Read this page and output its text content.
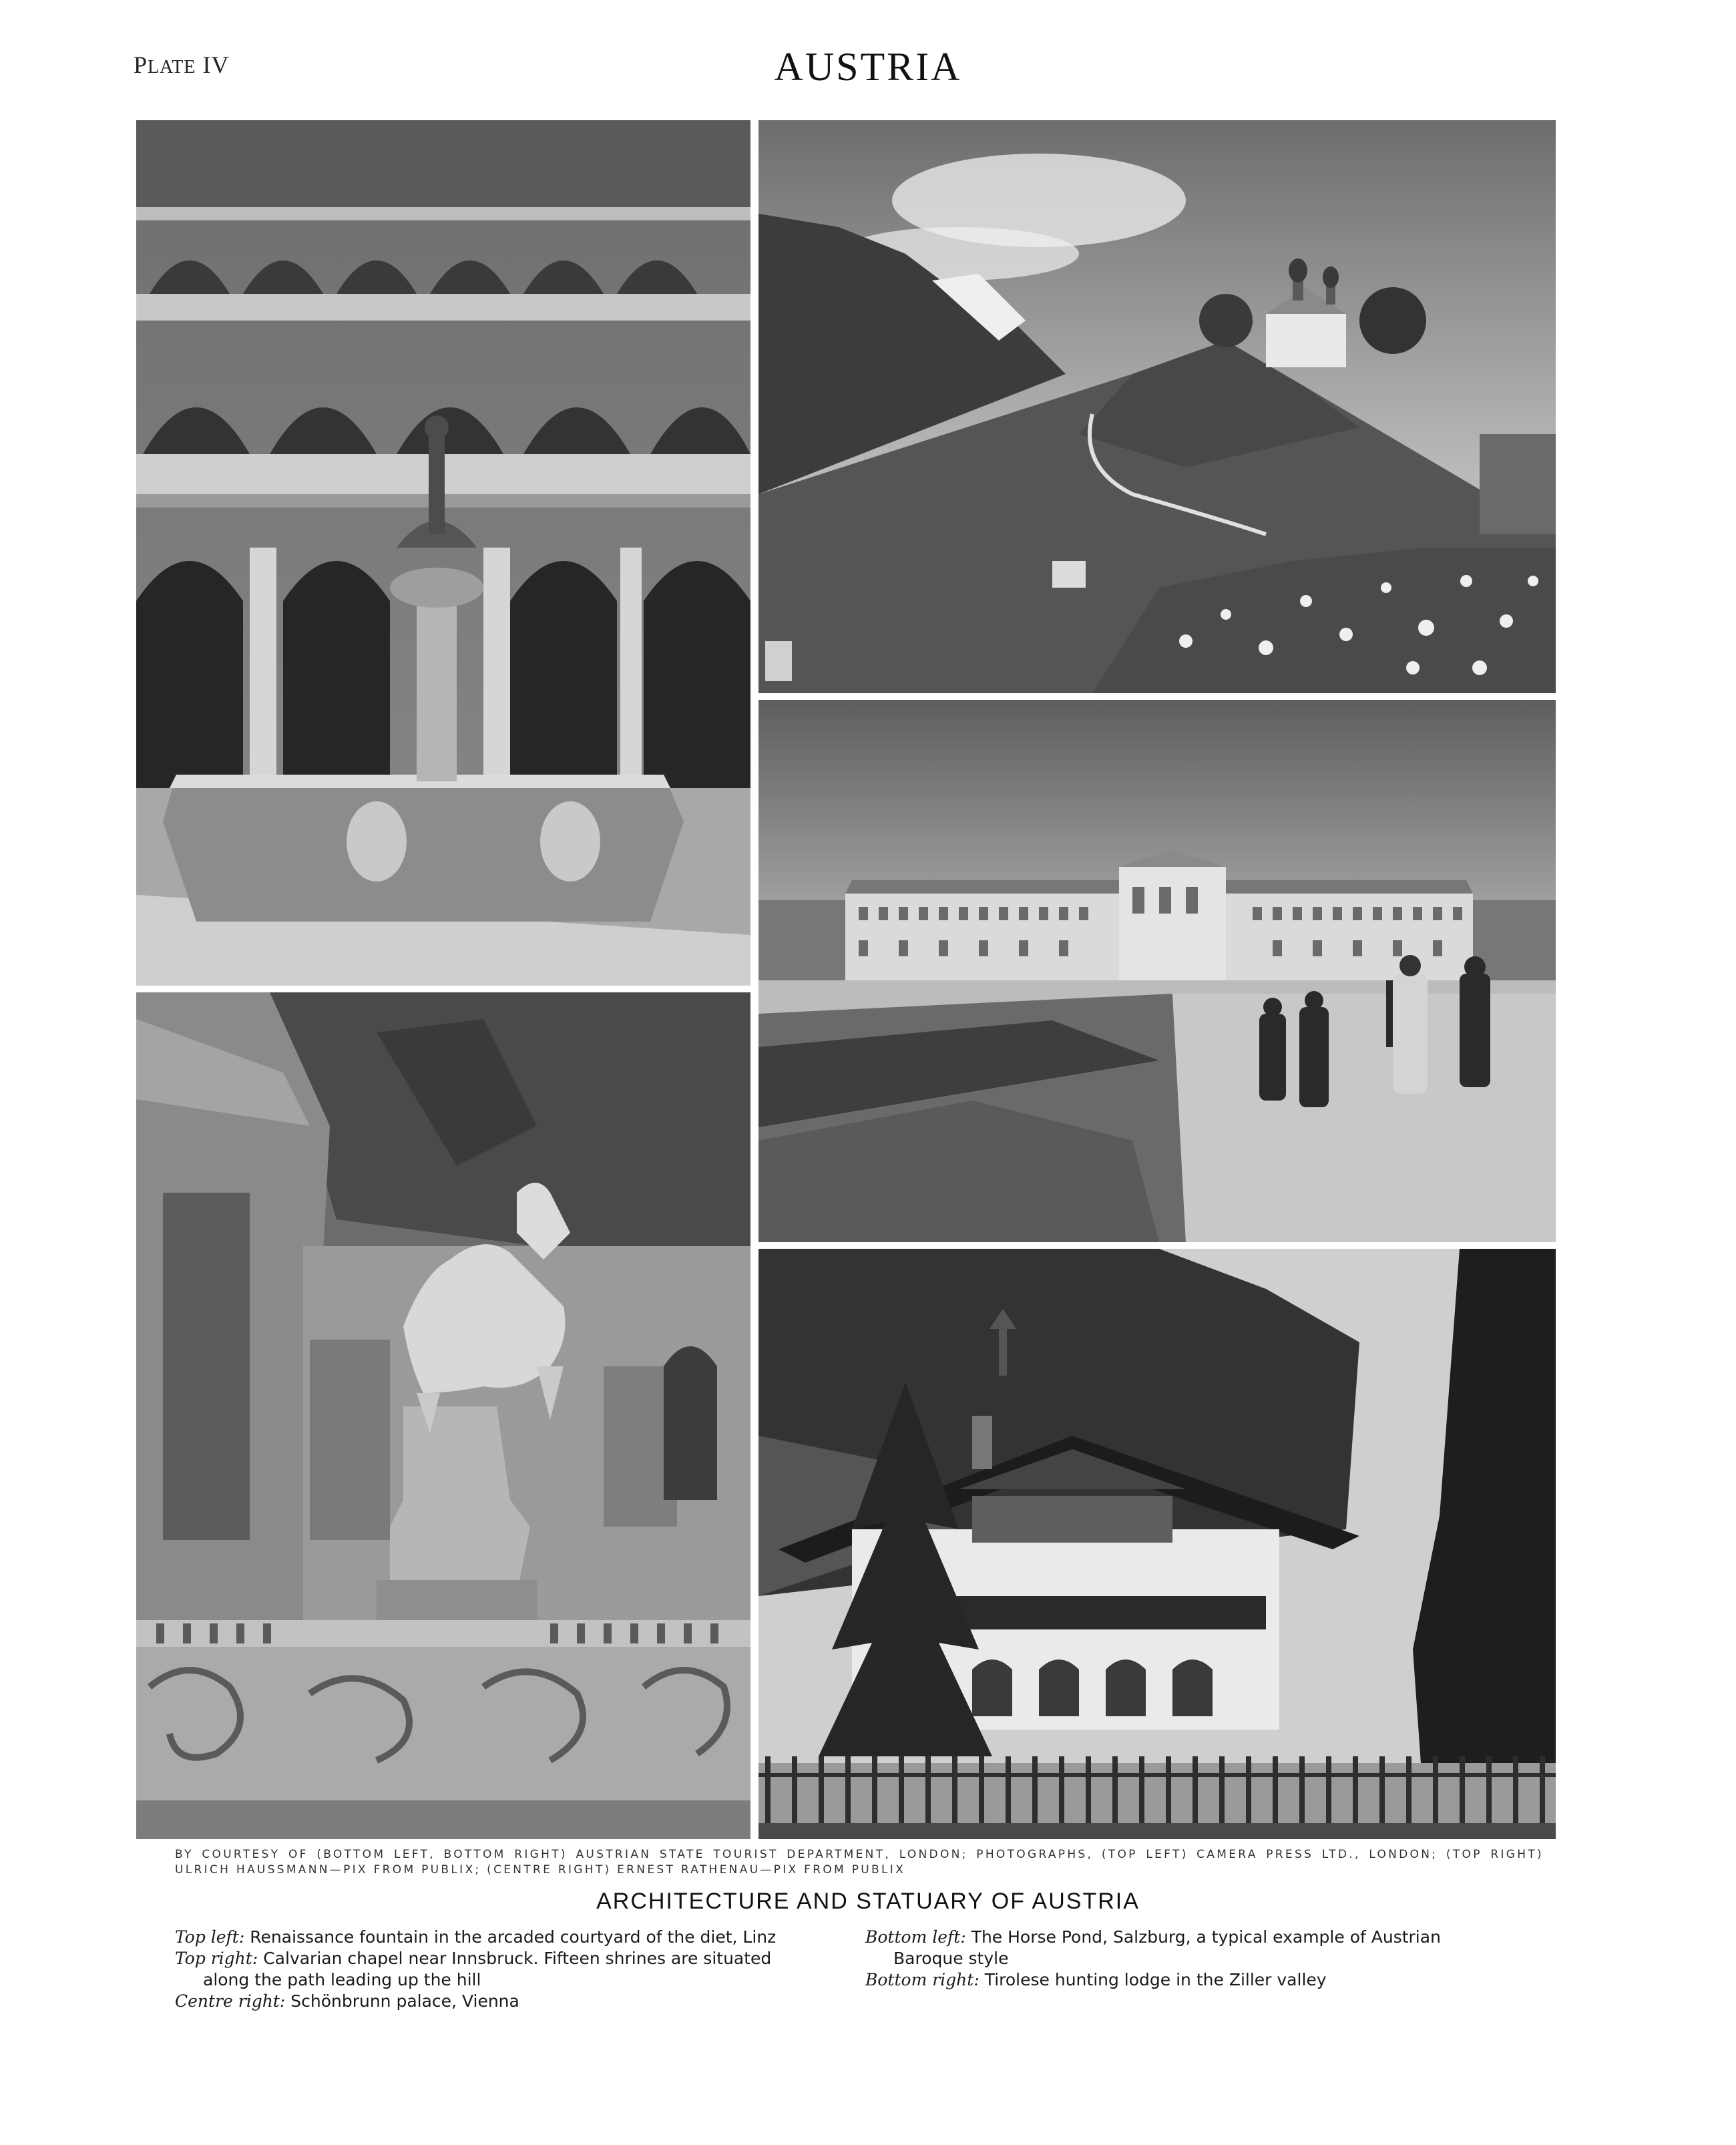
PLATE IV	AUSTRIA
BY COURTESY OF (BOTTOM LEFT, BOTTOM RIGHT) AUSTRIAN STATE TOURIST DEPARTMENT, LONDON; PHOTOGRAPHS, (TOP LEFT) CAMERA PRESS LTD., LONDON; (TOP RIGHT) ULRICH HAUSSMANN—PIX FROM PUBLIX; (CENTRE RIGHT) ERNEST RATHENAU—PIX FROM PUBLIX
ARCHITECTURE AND STATUARY OF AUSTRIA

Top left: Renaissance fountain in the arcaded courtyard of the diet, Linz

Top right: Calvarian chapel near Innsbruck. Fifteen shrines are situated

along the path leading up the hill

Centre right: Schönbrunn palace, Vienna

Bottom left: The Horse Pond, Salzburg, a typical example of Austrian

Baroque style

Bottom right: Tirolese hunting lodge in the Ziller valley
